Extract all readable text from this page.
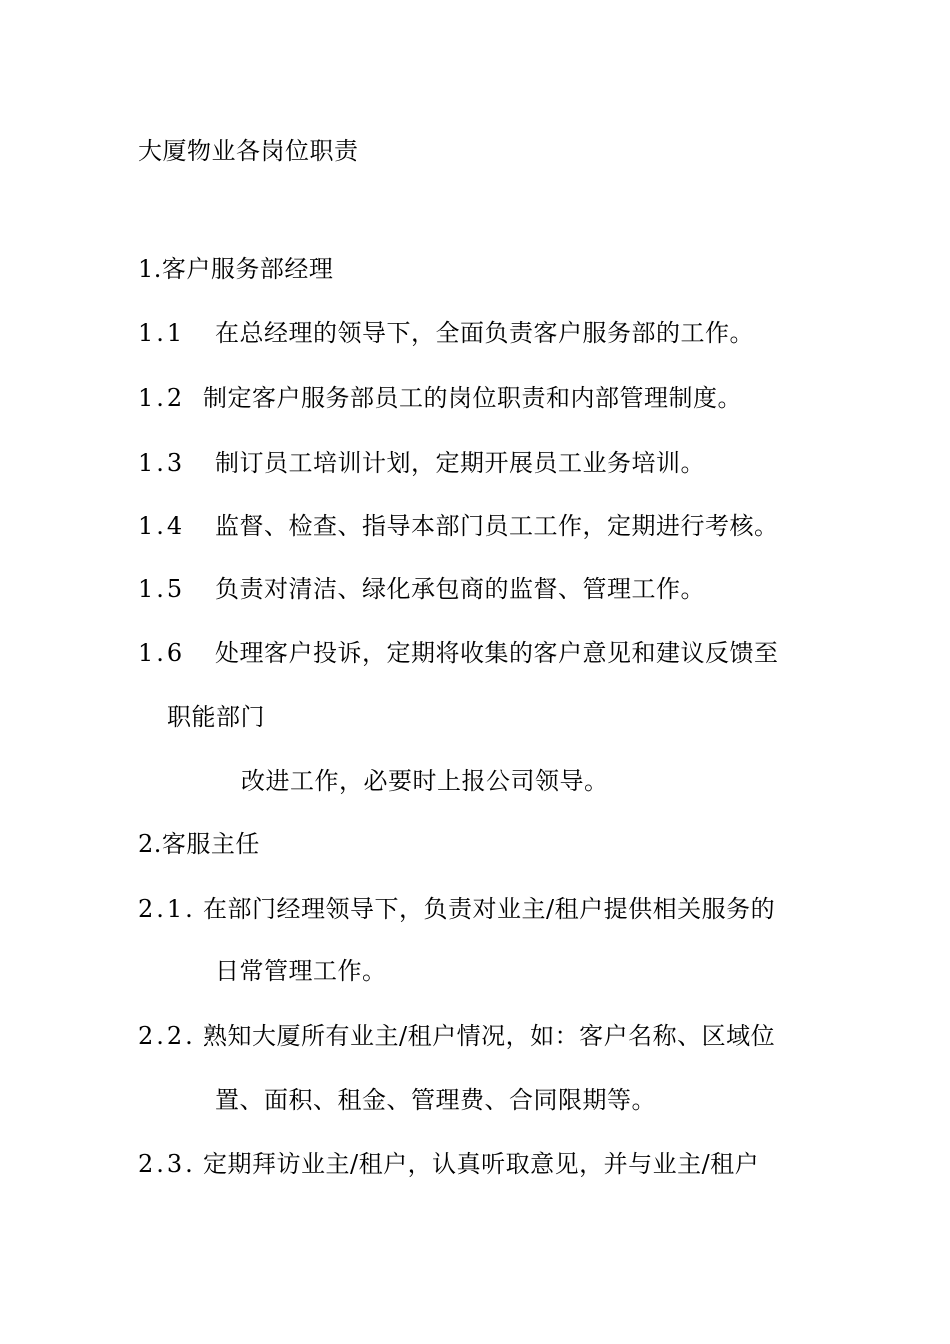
大厦物业各岗位职责
1.客户服务部经理
1.1 在总经理的领导下，全面负责客户服务部的工作。
1.2 制定客户服务部员工的岗位职责和内部管理制度。
1.3 制订员工培训计划，定期开展员工业务培训。
1.4 监督、检查、指导本部门员工工作，定期进行考核。
1.5 负责对清洁、绿化承包商的监督、管理工作。
1.6 处理客户投诉，定期将收集的客户意见和建议反馈至
职能部门
改进工作，必要时上报公司领导。
2.客服主任
2.1. 在部门经理领导下，负责对业主/租户提供相关服务的
日常管理工作。
2.2. 熟知大厦所有业主/租户情况，如：客户名称、区域位
置、面积、租金、管理费、合同限期等。
2.3. 定期拜访业主/租户，认真听取意见，并与业主/租户
